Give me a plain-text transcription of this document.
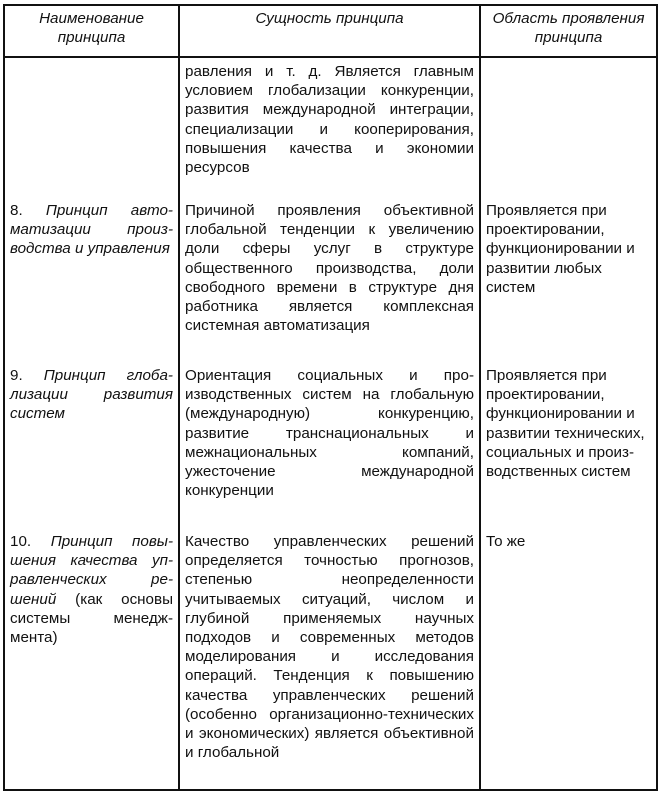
Наименование принципа	Сущность принципа	Область проявления принципа
	равления и т. д. Является главным условием глобализации конкуренции, развития международной интеграции, специализации и кооперирования, повышения качества и экономии ресурсов	
8. Принцип автоматизации производства и управления	Причиной проявления объективной глобальной тенденции к увеличению доли сферы услуг в структуре общественного производства, доли свободного времени в структуре дня работника является комплексная системная автоматизация	Проявляется при проектировании, функционировании и развитии любых систем
9. Принцип глобализации развития систем	Ориентация социальных и производственных систем на глобальную (международную) конкуренцию, развитие транснациональных и межнациональных компаний, ужесточение международной конкуренции	Проявляется при проектировании, функционировании и развитии технических, социальных и производственных систем
10. Принцип повышения качества управленческих решений (как основы системы менеджмента)	Качество управленческих решений определяется точностью прогнозов, степенью неопределенности учитываемых ситуаций, числом и глубиной применяемых научных подходов и современных методов моделирования и исследования операций. Тенденция к повышению качества управленческих решений (особенно организационно-технических и экономических) является объективной и глобальной	То же
